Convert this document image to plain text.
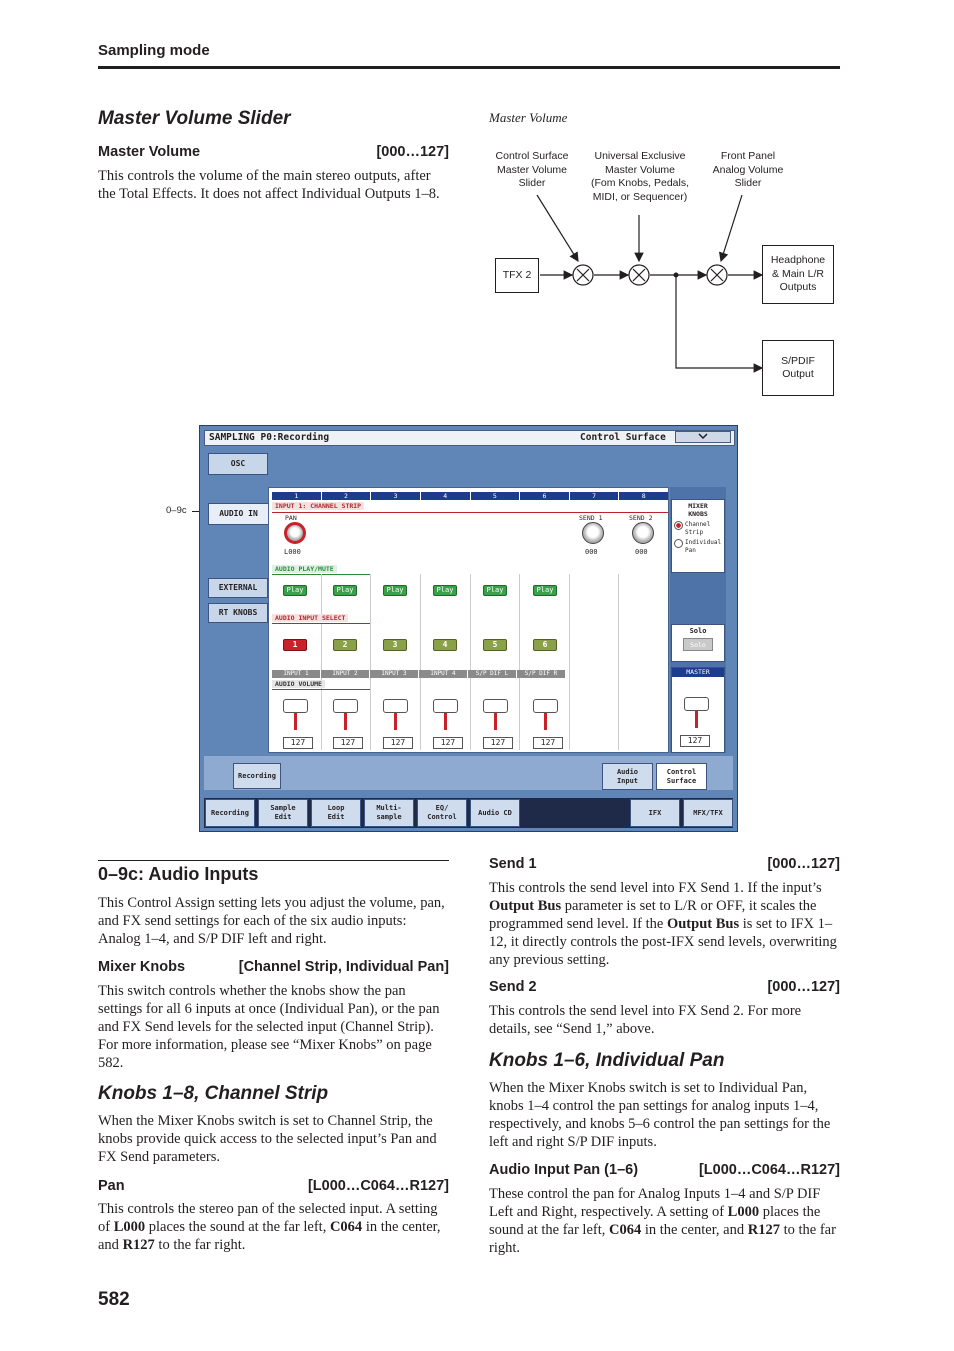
Sampling mode
Master Volume Slider
Master Volume	[000…127]
This controls the volume of the main stereo outputs, after the Total Effects. It does not affect Individual Outputs 1–8.
Master Volume
Control Surface
Master Volume
Slider
Universal Exclusive
Master Volume
(Fom Knobs, Pedals,
MIDI, or Sequencer)
Front Panel
Analog Volume
Slider
TFX 2
Headphone
& Main L/R
Outputs
S/PDIF
Output
0–9c
SAMPLING P0:Recording	Control Surface
OSC
AUDIO IN
EXTERNAL
RT KNOBS
1	2	3	4	5	6	7	8
INPUT 1: CHANNEL STRIP
PAN
L000
SEND 1
000
SEND 2
000
AUDIO PLAY/MUTE
Play	Play	Play	Play	Play	Play
AUDIO INPUT SELECT
1	2	3	4	5	6
INPUT 1	INPUT 2	INPUT 3	INPUT 4	S/P DIF L	S/P DIF R
AUDIO VOLUME
127	127	127	127	127	127
MIXER KNOBS
Channel Strip
Individual Pan
Solo
Solo
MASTER
127
Recording	Audio Input
Control Surface
Recording
Sample Edit
Loop Edit
Multi-sample
EQ/ Control
Audio CD	IFX	MFX/TFX
0–9c: Audio Inputs
This Control Assign setting lets you adjust the volume, pan, and FX send settings for each of the six audio inputs: Analog 1–4, and S/P DIF left and right.
Mixer Knobs	[Channel Strip, Individual Pan]
This switch controls whether the knobs show the pan settings for all 6 inputs at once (Individual Pan), or the pan and FX Send levels for the selected input (Channel Strip). For more information, please see “Mixer Knobs” on page 582.
Knobs 1–8, Channel Strip
When the Mixer Knobs switch is set to Channel Strip, the knobs provide quick access to the selected input’s Pan and FX Send parameters.
Pan	[L000…C064…R127]
This controls the stereo pan of the selected input. A setting of L000 places the sound at the far left, C064 in the center, and R127 to the far right.
Send 1	[000…127]
This controls the send level into FX Send 1. If the input’s Output Bus parameter is set to L/R or OFF, it scales the programmed send level. If the Output Bus is set to IFX 1–12, it directly controls the post-IFX send levels, overwriting any previous setting.
Send 2	[000…127]
This controls the send level into FX Send 2. For more details, see “Send 1,” above.
Knobs 1–6, Individual Pan
When the Mixer Knobs switch is set to Individual Pan, knobs 1–4 control the pan settings for analog inputs 1–4, respectively, and knobs 5–6 control the pan settings for the left and right S/P DIF inputs.
Audio Input Pan (1–6)	[L000…C064…R127]
These control the pan for Analog Inputs 1–4 and S/P DIF Left and Right, respectively. A setting of L000 places the sound at the far left, C064 in the center, and R127 to the far right.
582
